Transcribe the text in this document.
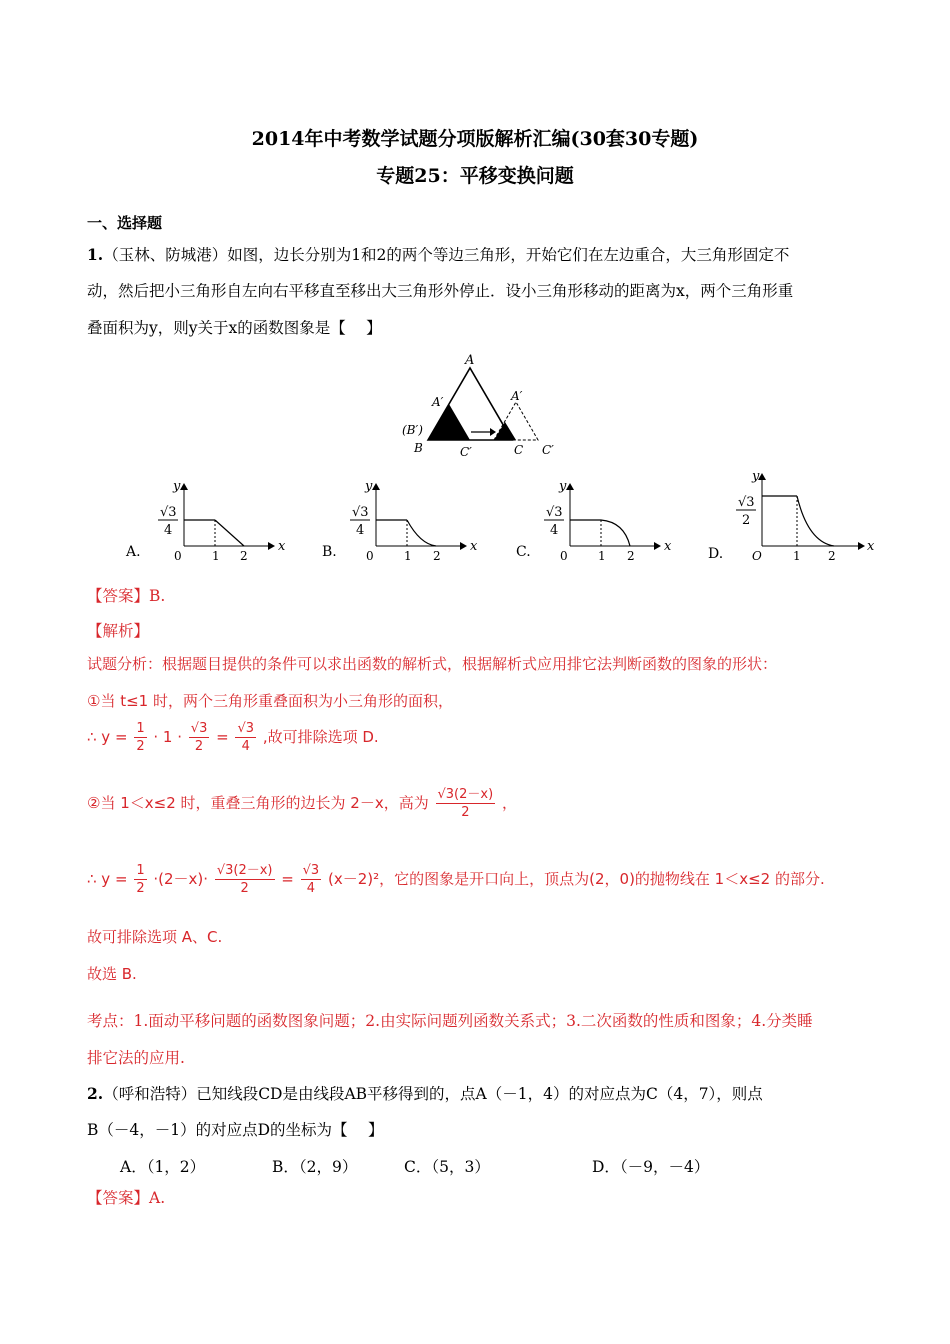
2014年中考数学试题分项版解析汇编(30套30专题)
专题25：平移变换问题
一、选择题
1.（玉林、防城港）如图，边长分别为1和2的两个等边三角形，开始它们在左边重合，大三角形固定不
动，然后把小三角形自左向右平移直至移出大三角形外停止．设小三角形移动的距离为x，两个三角形重
叠面积为y，则y关于x的函数图象是【　 】
A
A′	A′
(B′)
B	C′	C C′
A.	x
y
√3
4
0	1 2	B.	x
y
√3
4
0	1 2	C.	x
y
√3
4
0	1 2	D.	x
y
√3
2
O	1 2
【答案】B.
【解析】
试题分析：根据题目提供的条件可以求出函数的解析式，根据解析式应用排它法判断函数的图象的形状：
①当 t≤1 时，两个三角形重叠面积为小三角形的面积，
∴ $y = \frac{1}{2} \cdot 1 \cdot \frac{√3}{2} = \frac{√3}{4}$ ,故可排除选项 D.
②当 1＜x≤2 时，重叠三角形的边长为 2－x，高为 $\frac{√3(2-x)}{2}$ ，
∴ $y = \frac{1}{2} \cdot(2-x)\cdot \frac{√3(2-x)}{2} = \frac{√3}{4} (x-2)^2$，它的图象是开口向上，顶点为(2，0)的抛物线在 1＜x≤2 的部分.
故可排除选项 A、C.
故选 B.
考点：1.面动平移问题的函数图象问题；2.由实际问题列函数关系式；3.二次函数的性质和图象；4.分类睡
排它法的应用.
2.（呼和浩特）已知线段CD是由线段AB平移得到的，点A（－1，4）的对应点为C（4，7），则点
B（－4，－1）的对应点D的坐标为【　 】
A．（1，2）	B．（2，9）	C．（5，3）	D．（－9，－4）
【答案】A.
